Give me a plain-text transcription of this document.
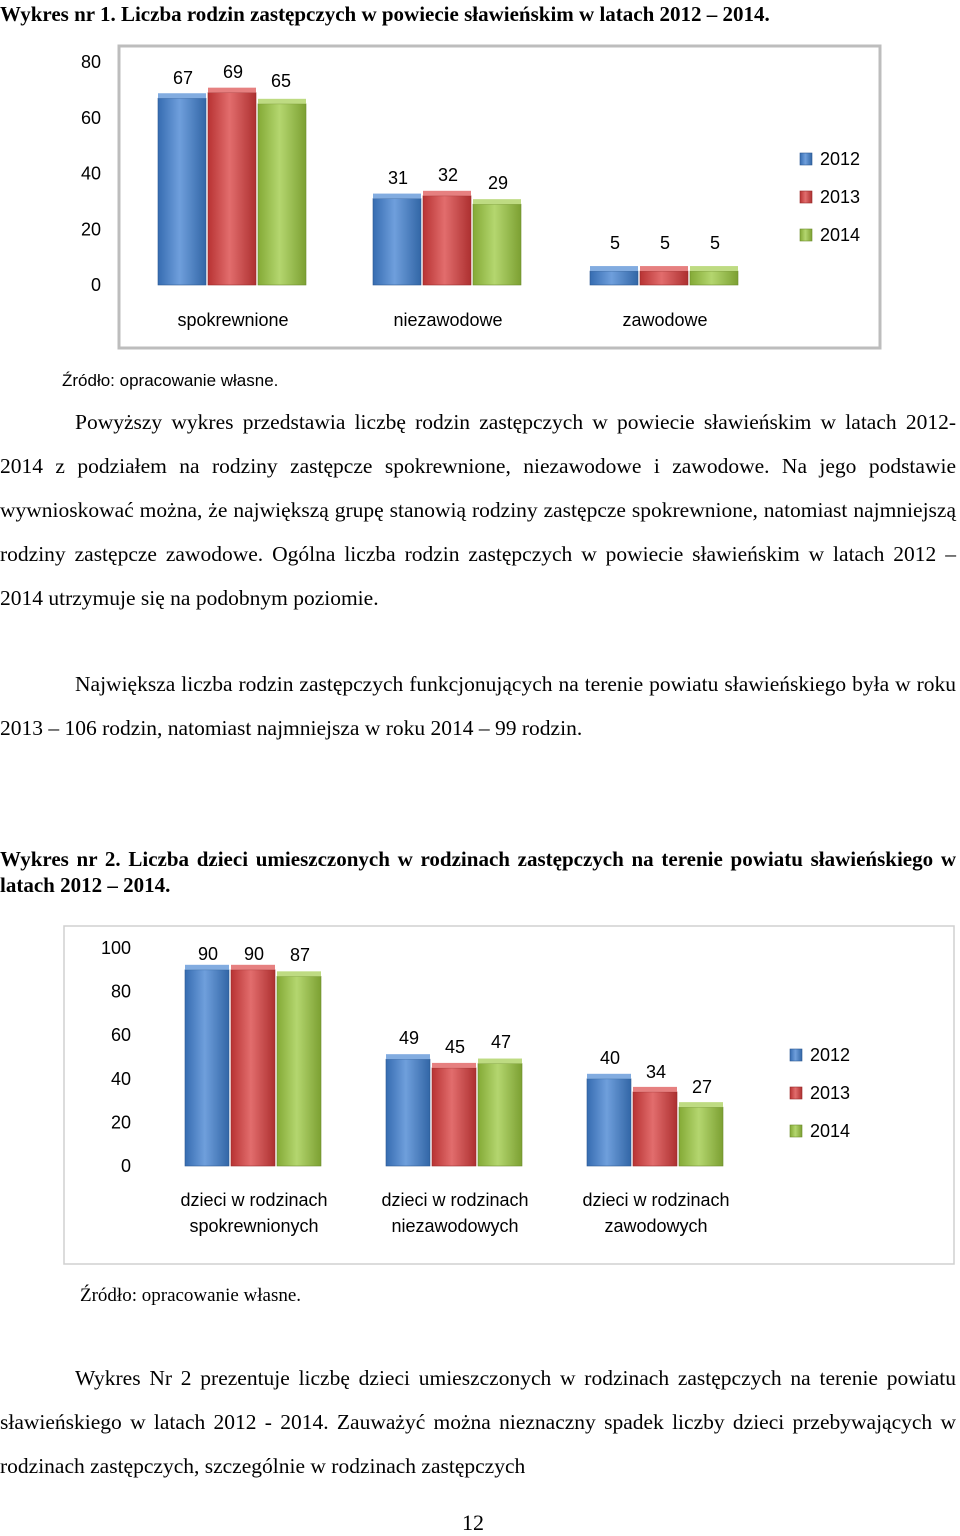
Wykres nr 1. Liczba rodzin zastępczych w powiecie sławieńskim w latach 2012 – 2014.

0
20
40
60
80
67 69 65
spokrewnione
31 32 29
niezawodowe
5 5 5
zawodowe
2012
2013
2014

Źródło: opracowanie własne.

Powyższy wykres przedstawia liczbę rodzin zastępczych w powiecie sławieńskim w latach 2012-2014 z podziałem na rodziny zastępcze spokrewnione, niezawodowe i zawodowe. Na jego podstawie wywnioskować można, że największą grupę stanowią rodziny zastępcze spokrewnione, natomiast najmniejszą rodziny zastępcze zawodowe. Ogólna liczba rodzin zastępczych w powiecie sławieńskim w latach 2012 – 2014 utrzymuje się na podobnym poziomie.

Największa liczba rodzin zastępczych funkcjonujących na terenie powiatu sławieńskiego była w roku 2013 – 106 rodzin, natomiast najmniejsza w roku 2014 – 99 rodzin.

Wykres nr 2. Liczba dzieci umieszczonych w rodzinach zastępczych na terenie powiatu sławieńskiego w latach 2012 – 2014.

0
20
40
60
80
100	90 90 87
dzieci w rodzinach
spokrewnionych
49 45 47
dzieci w rodzinach
niezawodowych
40
34
27
dzieci w rodzinach
zawodowych
2012
2013
2014

Źródło: opracowanie własne.

Wykres Nr 2 prezentuje liczbę dzieci umieszczonych w rodzinach zastępczych na terenie powiatu sławieńskiego w latach 2012 - 2014. Zauważyć można nieznaczny spadek liczby dzieci przebywających w rodzinach zastępczych, szczególnie w rodzinach zastępczych

12
